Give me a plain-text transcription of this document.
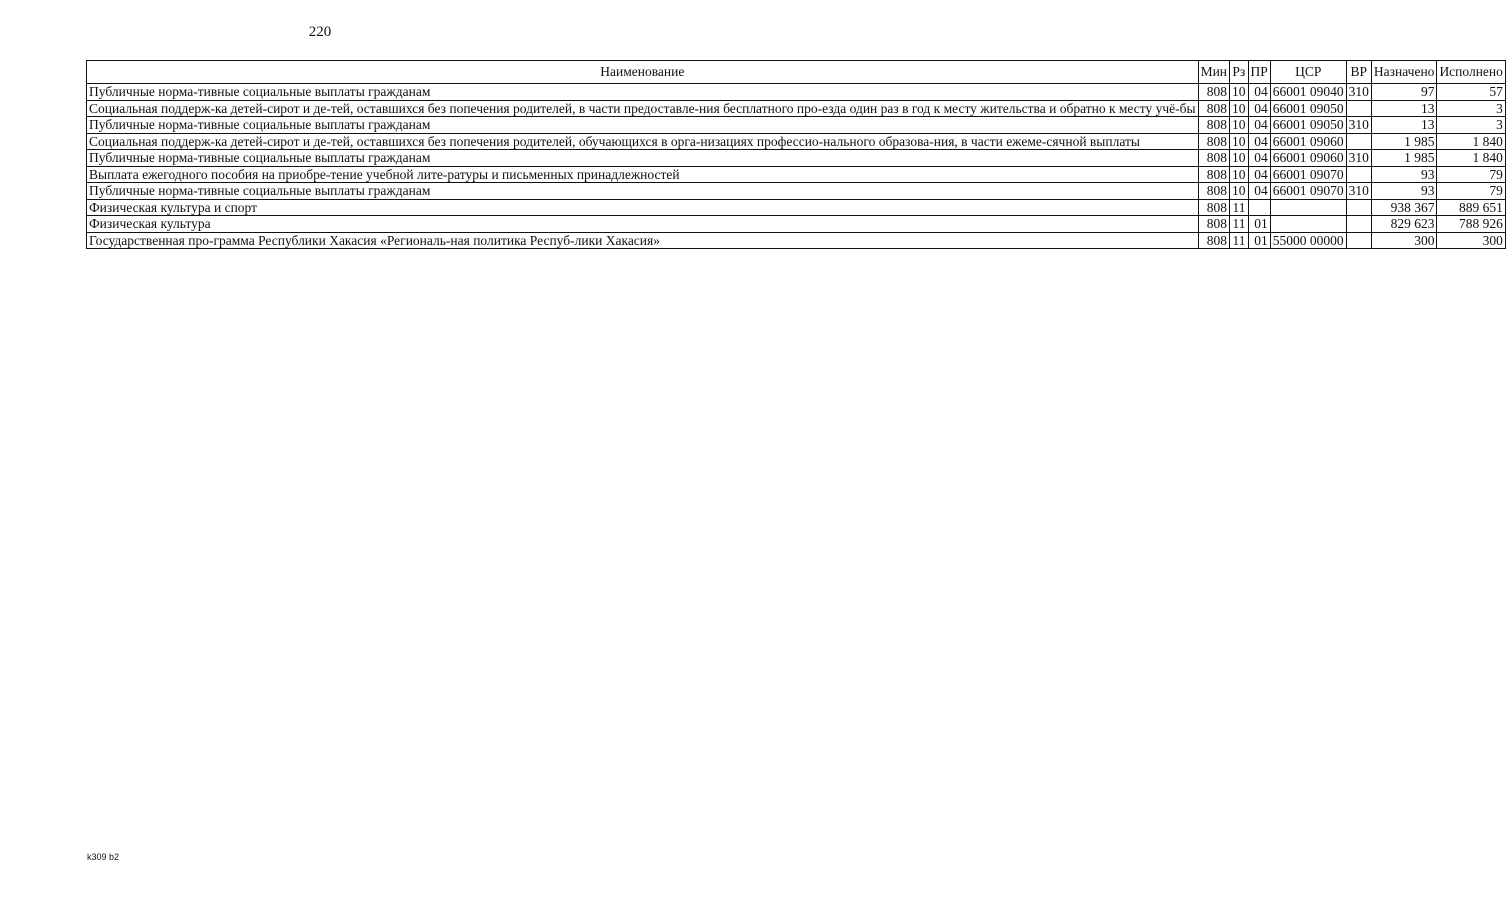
220
Наименование	Мин	Рз	ПР	ЦСР	ВР	Назначено	Исполнено
Публичные норма-тивные социальные выплаты гражданам	808	10	04	66001 09040	310	97	57
Социальная поддерж-ка детей-сирот и де-тей, оставшихся без попечения родителей, в части предоставле-ния бесплатного про-езда один раз в год к месту жительства и обратно к месту учё-бы	808	10	04	66001 09050		13	3
Публичные норма-тивные социальные выплаты гражданам	808	10	04	66001 09050	310	13	3
Социальная поддерж-ка детей-сирот и де-тей, оставшихся без попечения родителей, обучающихся в орга-низациях профессио-нального образова-ния, в части ежеме-сячной выплаты	808	10	04	66001 09060		1 985	1 840
Публичные норма-тивные социальные выплаты гражданам	808	10	04	66001 09060	310	1 985	1 840
Выплата ежегодного пособия на приобре-тение учебной лите-ратуры и письменных принадлежностей	808	10	04	66001 09070		93	79
Публичные норма-тивные социальные выплаты гражданам	808	10	04	66001 09070	310	93	79
Физическая культура и спорт	808	11				938 367	889 651
Физическая культура	808	11	01			829 623	788 926
Государственная про-грамма Республики Хакасия «Региональ-ная политика Респуб-лики Хакасия»	808	11	01	55000 00000		300	300
k309 b2
